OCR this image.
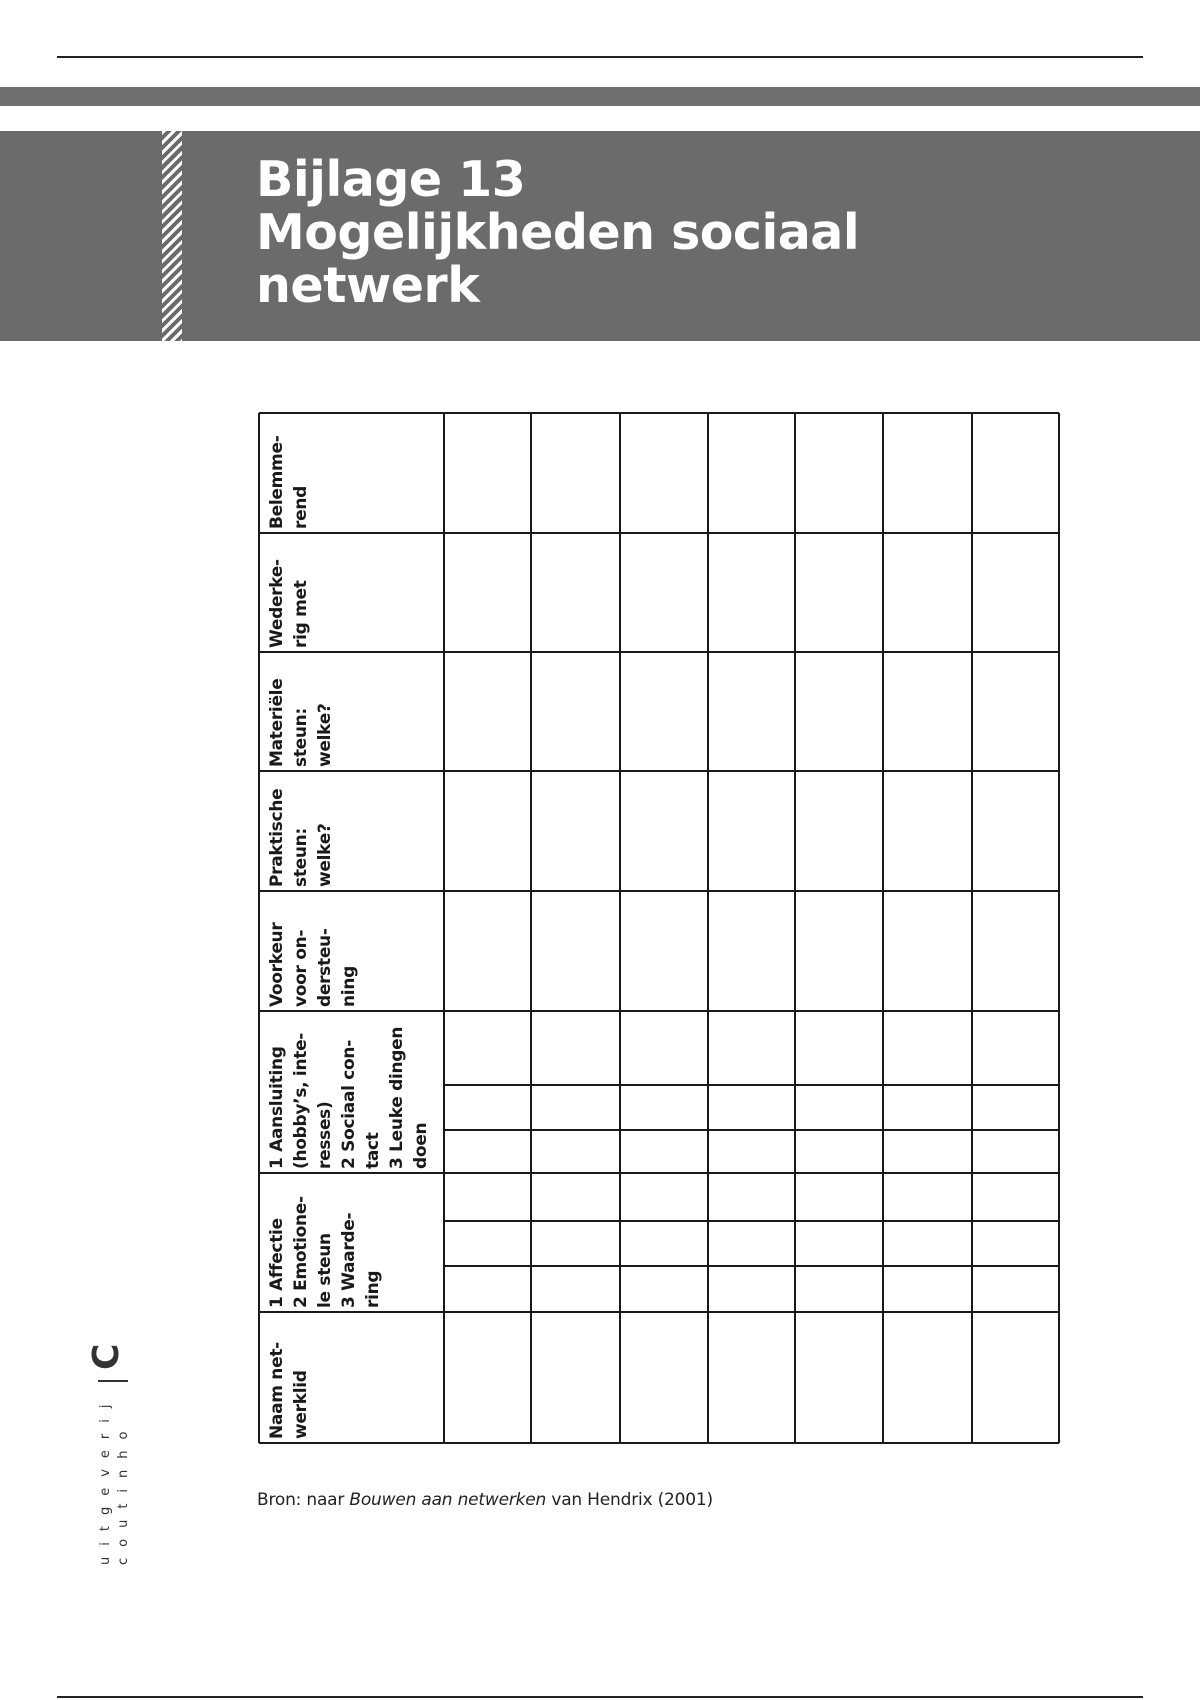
Bijlage 13
Mogelijkheden sociaal
netwerk
Belemme- rend
Wederke- rig met
Materiële steun: welke?
Praktische steun: welke?
Voorkeur voor on- dersteu- ning
1 Aansluiting (hobby’s, inte- resses) 2 Sociaal con- tact 3 Leuke dingen doen
1 Affectie 2 Emotione- le steun 3 Waarde- ring
Naam net- werklid
Bron: naar Bouwen aan netwerken van Hendrix (2001)
uitgeverij coutinho
C
